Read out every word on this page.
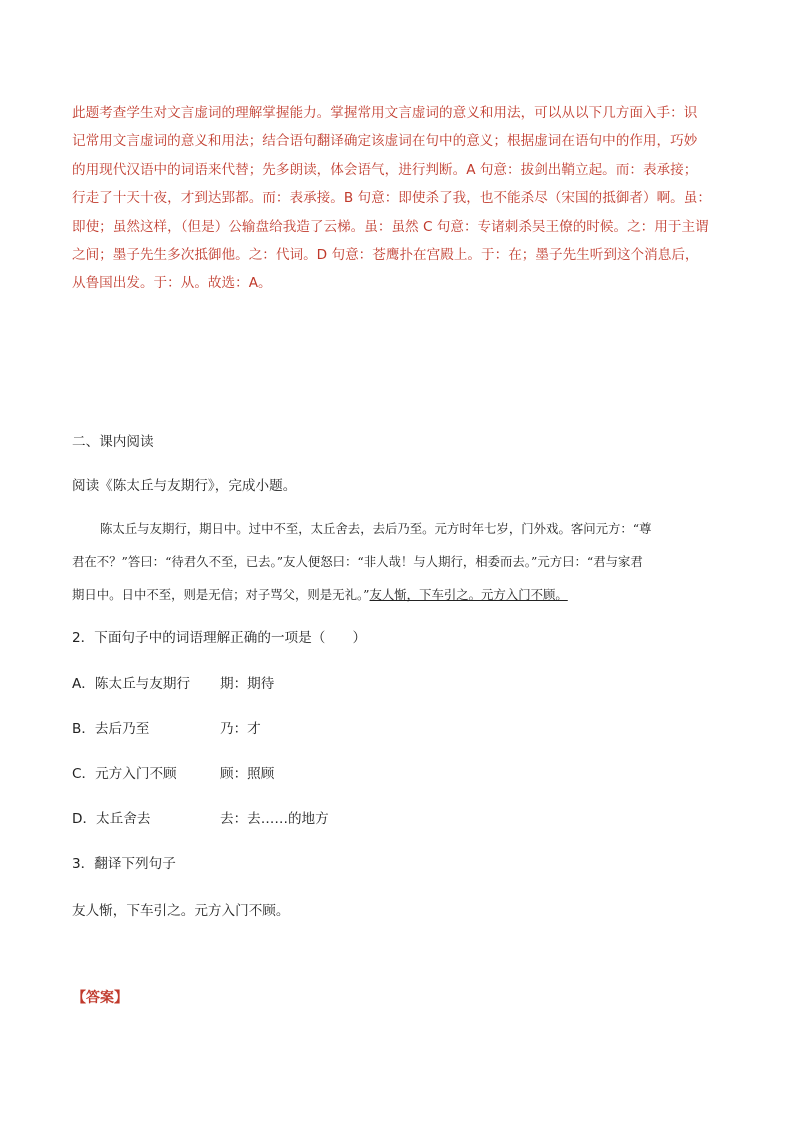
此题考查学生对文言虚词的理解掌握能力。掌握常用文言虚词的意义和用法，可以从以下几方面入手：识
记常用文言虚词的意义和用法；结合语句翻译确定该虚词在句中的意义；根据虚词在语句中的作用，巧妙
的用现代汉语中的词语来代替；先多朗读，体会语气，进行判断。A 句意：拔剑出鞘立起。而：表承接；
行走了十天十夜，才到达郢都。而：表承接。B 句意：即使杀了我，也不能杀尽（宋国的抵御者）啊。虽：
即使；虽然这样，（但是）公输盘给我造了云梯。虽：虽然 C 句意：专诸刺杀吴王僚的时候。之：用于主谓
之间；墨子先生多次抵御他。之：代词。D 句意：苍鹰扑在宫殿上。于：在；墨子先生听到这个消息后，
从鲁国出发。于：从。故选：A。
二、课内阅读
阅读《陈太丘与友期行》，完成小题。
陈太丘与友期行，期日中。过中不至，太丘舍去，去后乃至。元方时年七岁，门外戏。客问元方：“尊
君在不？”答曰：“待君久不至，已去。”友人便怒曰：“非人哉！与人期行，相委而去。”元方曰：“君与家君
期日中。日中不至，则是无信；对子骂父，则是无礼。”友人惭，下车引之。元方入门不顾。
2．下面句子中的词语理解正确的一项是（　　）
A．陈太丘与友期行 期：期待
B．去后乃至	乃：才
C．元方入门不顾	顾：照顾
D．太丘舍去	去：去……的地方
3．翻译下列句子
友人惭，下车引之。元方入门不顾。
【答案】
